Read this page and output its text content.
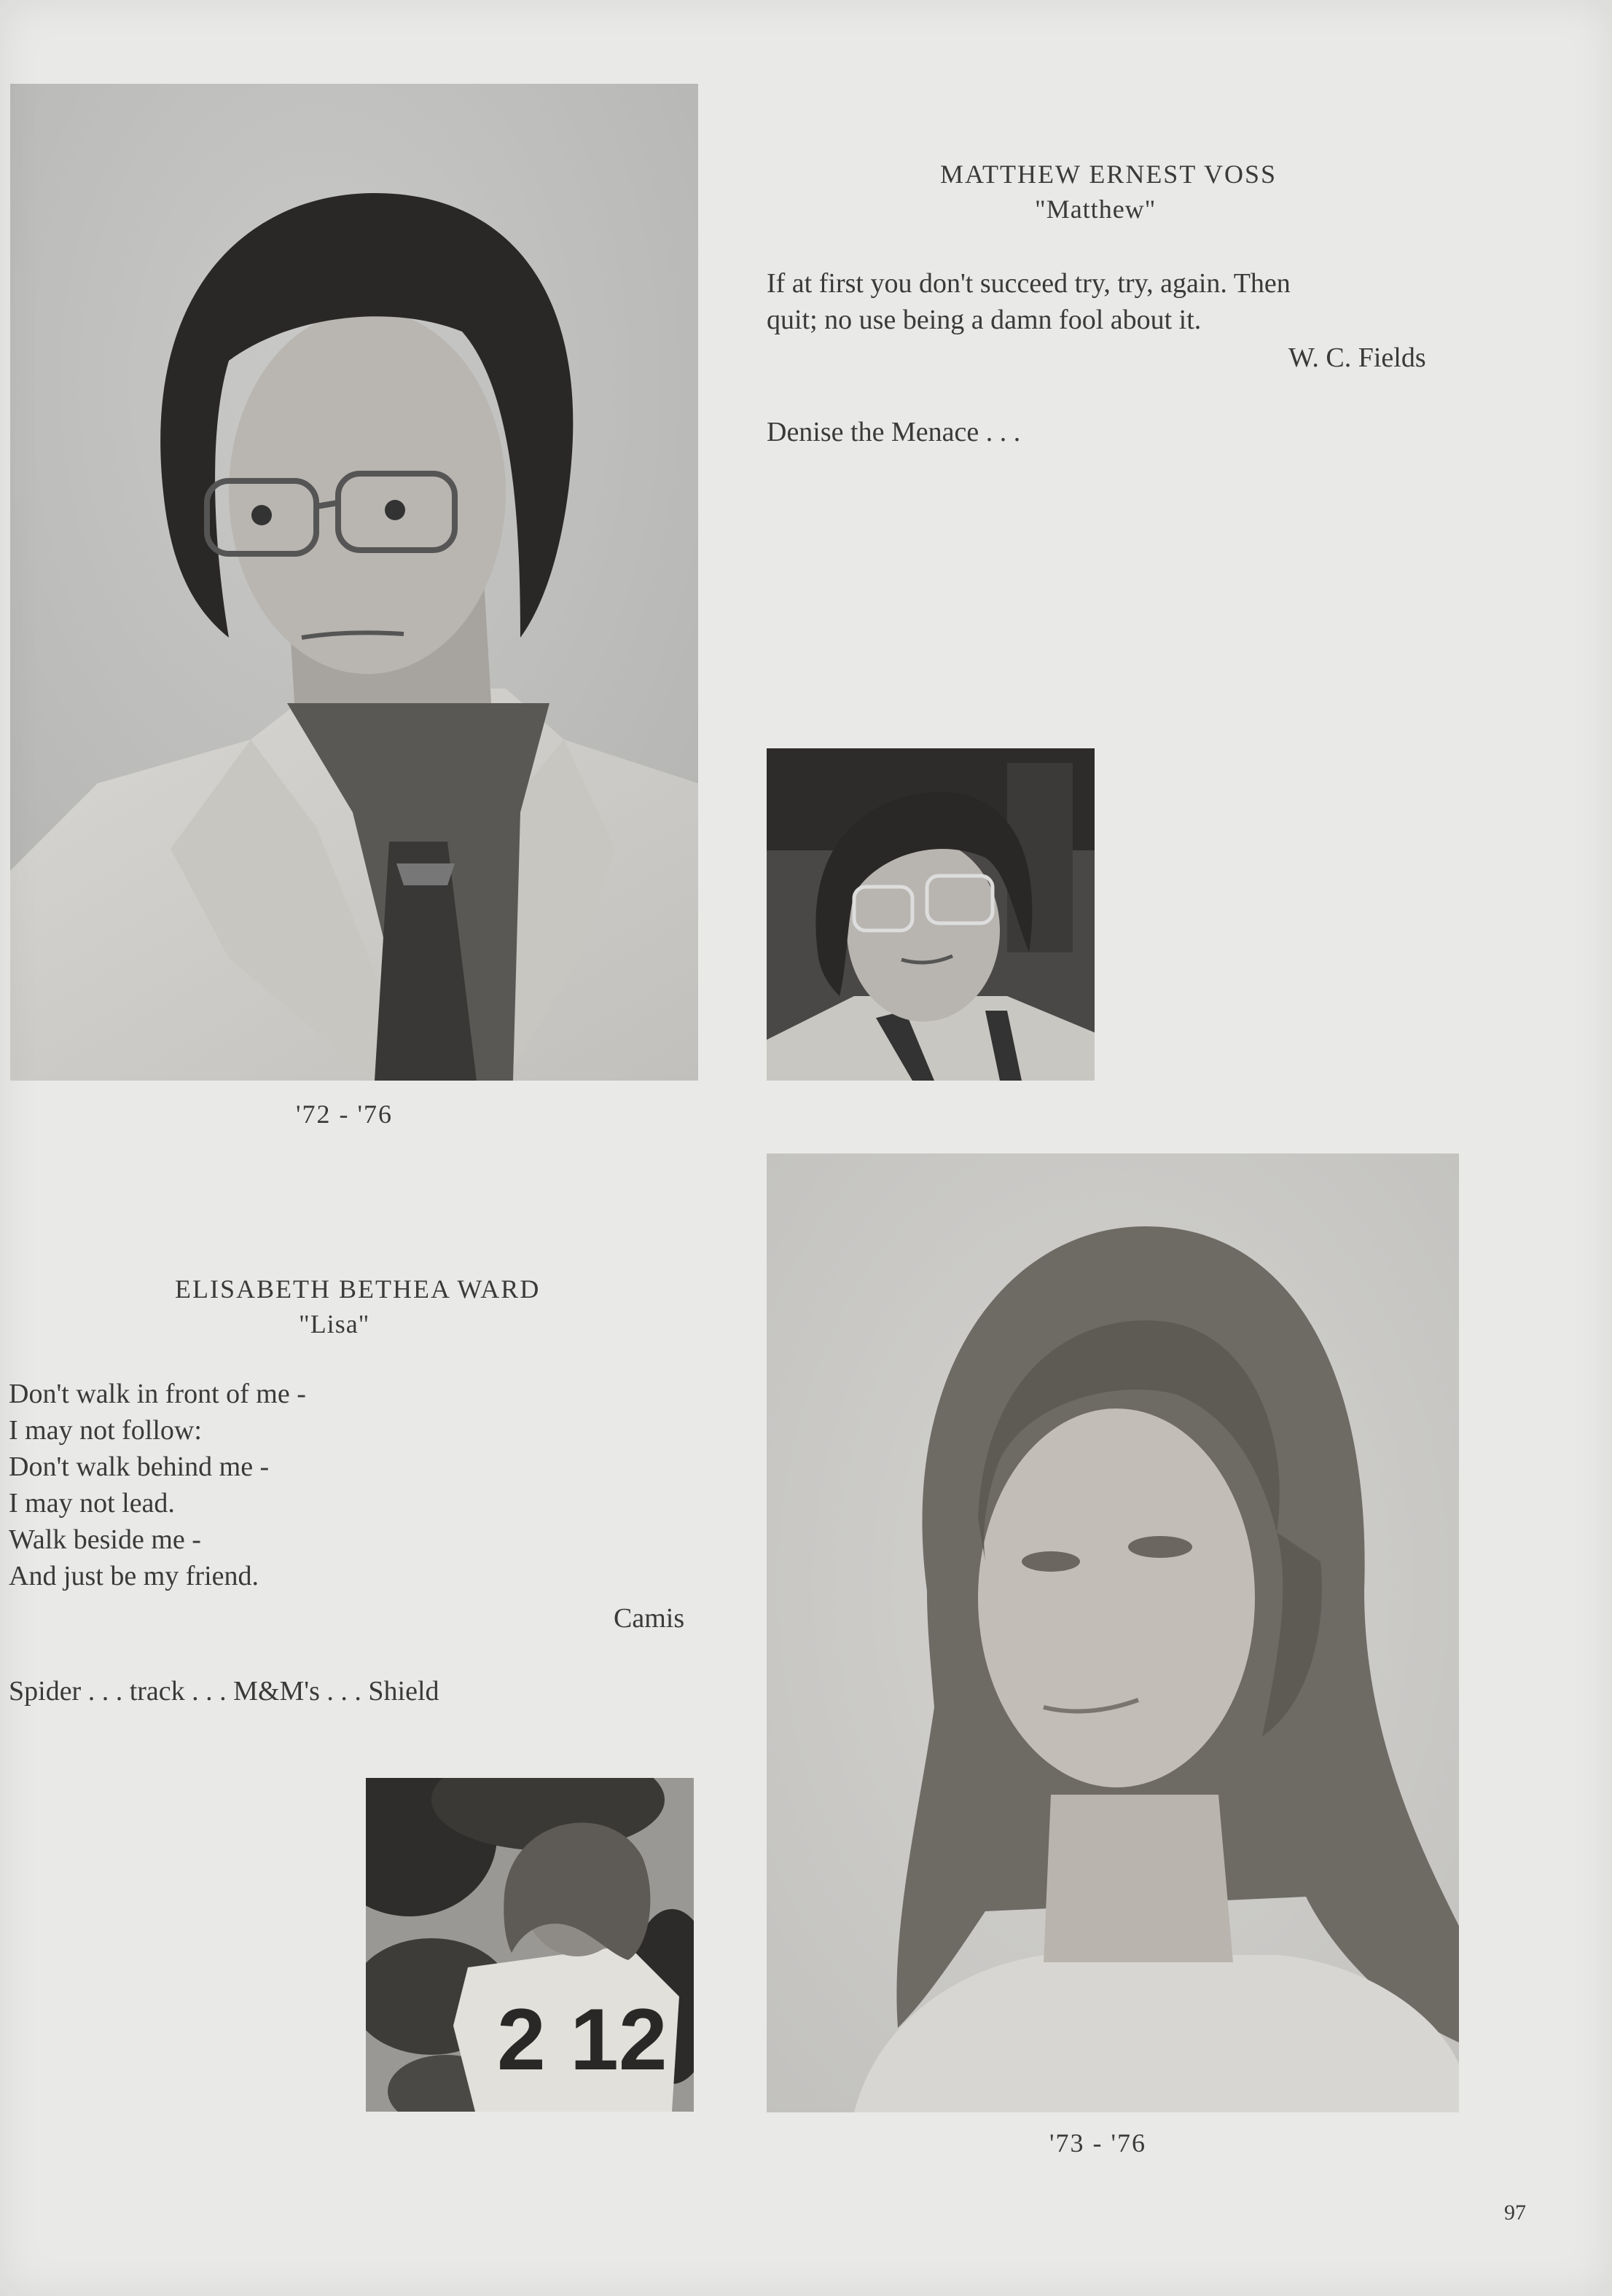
MATTHEW ERNEST VOSS
"Matthew"
If at first you don't succeed try, try, again. Then
quit; no use being a damn fool about it.
W. C. Fields
Denise the Menace . . .
'72 - '76
ELISABETH BETHEA WARD
"Lisa"
Don't walk in front of me -
I may not follow:
Don't walk behind me -
I may not lead.
Walk beside me -
And just be my friend.
Camis
Spider . . . track . . . M&M's . . . Shield
2 12
'73 - '76
97
